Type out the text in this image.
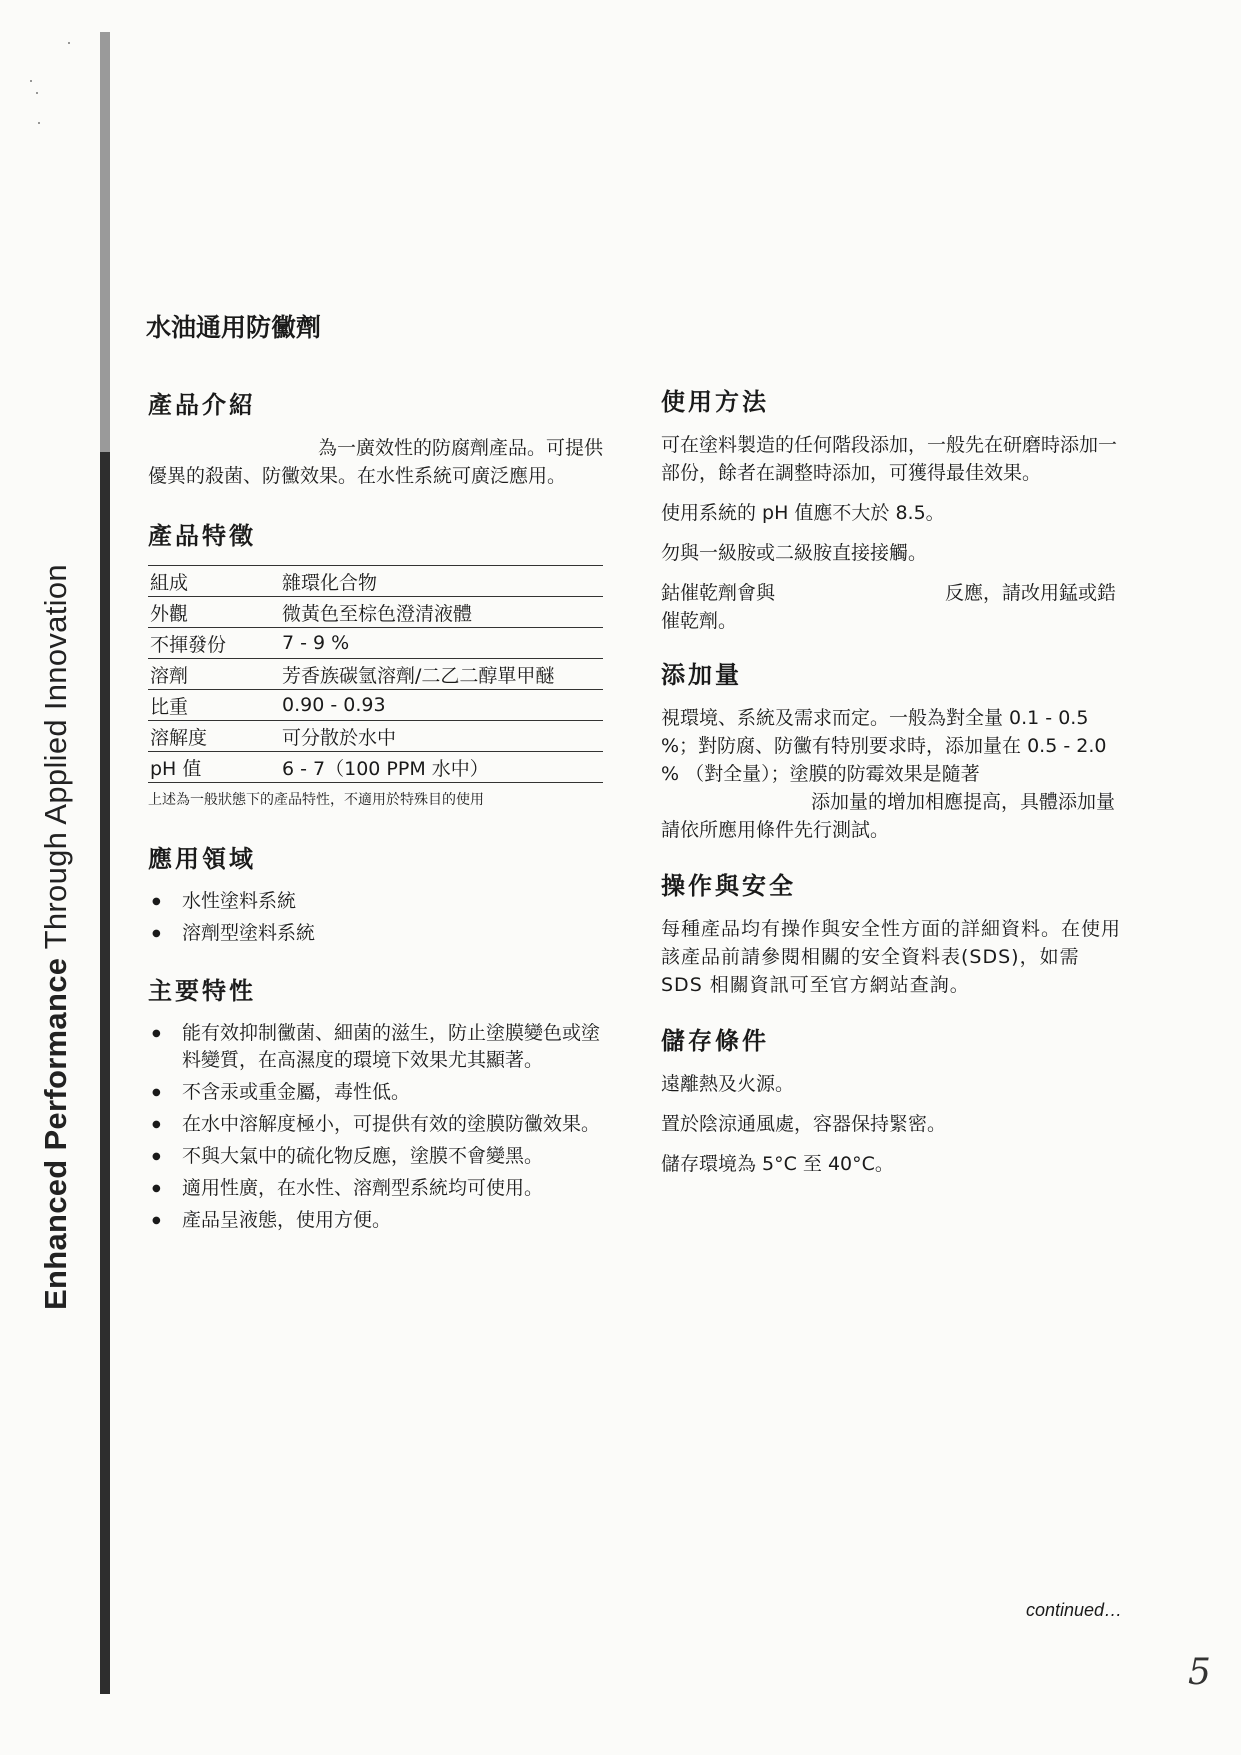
Enhanced Performance Through Applied Innovation
水油通用防黴劑
產品介紹

為一廣效性的防腐劑產品。可提供優異的殺菌、防黴效果。在水性系統可廣泛應用。

產品特徵
組成	雜環化合物
外觀	微黃色至棕色澄清液體
不揮發份	7 - 9 %
溶劑	芳香族碳氫溶劑/二乙二醇單甲醚
比重	0.90 - 0.93
溶解度	可分散於水中
pH 值	6 - 7（100 PPM 水中）
上述為一般狀態下的產品特性，不適用於特殊目的使用
應用領域
● 水性塗料系統
● 溶劑型塗料系統
主要特性
● 能有效抑制黴菌、細菌的滋生，防止塗膜變色或塗料變質，在高濕度的環境下效果尤其顯著。
● 不含汞或重金屬，毒性低。
● 在水中溶解度極小，可提供有效的塗膜防黴效果。
● 不與大氣中的硫化物反應，塗膜不會變黑。
● 適用性廣，在水性、溶劑型系統均可使用。
● 產品呈液態，使用方便。
使用方法

可在塗料製造的任何階段添加，一般先在研磨時添加一部份，餘者在調整時添加，可獲得最佳效果。

使用系統的 pH 值應不大於 8.5。

勿與一級胺或二級胺直接接觸。

鈷催乾劑會與	反應，請改用錳或鋯催乾劑。

添加量

視環境、系統及需求而定。一般為對全量 0.1 - 0.5 %；對防腐、防黴有特別要求時，添加量在 0.5 - 2.0 % （對全量）；塗膜的防霉效果是隨著添加量的增加相應提高，具體添加量請依所應用條件先行測試。

操作與安全

每種產品均有操作與安全性方面的詳細資料。在使用該產品前請參閱相關的安全資料表(SDS)，如需 SDS 相關資訊可至官方網站查詢。

儲存條件

遠離熱及火源。

置於陰涼通風處，容器保持緊密。

儲存環境為 5°C 至 40°C。

continued…
5
